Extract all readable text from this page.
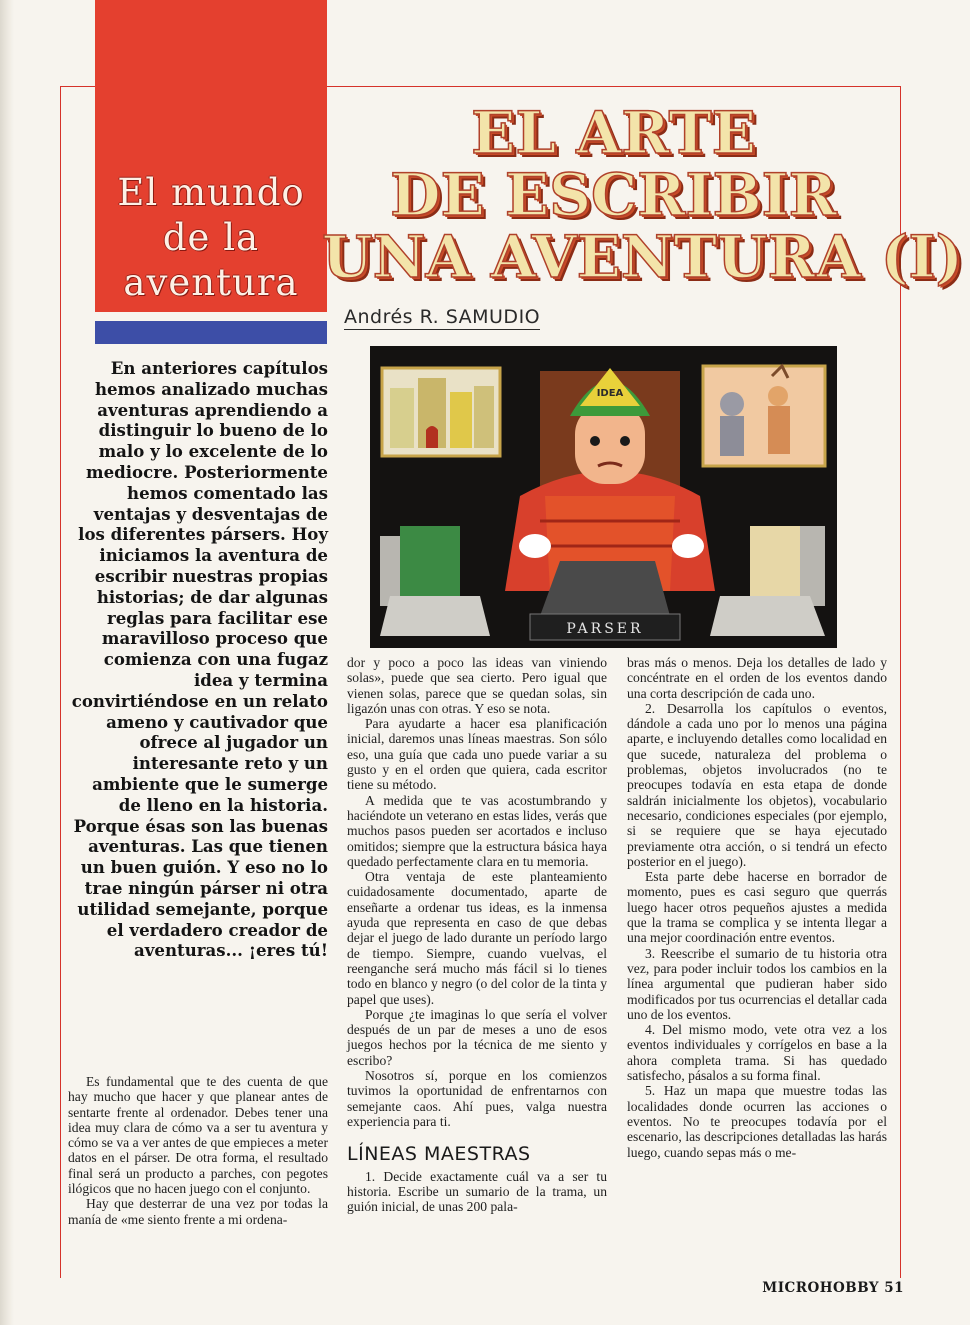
El mundo
de la
aventura
EL ARTE
DE ESCRIBIR
UNA AVENTURA (I)
Andrés R. SAMUDIO
IDEA
PARSER

En anteriores capítulos hemos analizado muchas aventuras aprendiendo a distinguir lo bueno de lo malo y lo excelente de lo mediocre. Posteriormente hemos comentado las ventajas y desventajas de los diferentes pársers. Hoy iniciamos la aventura de escribir nuestras propias historias; de dar algunas reglas para facilitar ese maravilloso proceso que comienza con una fugaz idea y termina convirtiéndose en un relato ameno y cautivador que ofrece al jugador un interesante reto y un ambiente que le sumerge de lleno en la historia. Porque ésas son las buenas aventuras. Las que tienen un buen guión. Y eso no lo trae ningún párser ni otra utilidad semejante, porque el verdadero creador de aventuras... ¡eres tú!

Es fundamental que te des cuenta de que hay mucho que hacer y que planear antes de sentarte frente al ordenador. Debes tener una idea muy clara de cómo va a ser tu aventura y cómo se va a ver antes de que empieces a meter datos en el párser. De otra forma, el resultado final será un producto a parches, con pegotes ilógicos que no hacen juego con el conjunto.

Hay que desterrar de una vez por todas la manía de «me siento frente a mi ordena-

dor y poco a poco las ideas van viniendo solas», puede que sea cierto. Pero igual que vienen solas, parece que se quedan solas, sin ligazón unas con otras. Y eso se nota.

Para ayudarte a hacer esa planificación inicial, daremos unas líneas maestras. Son sólo eso, una guía que cada uno puede variar a su gusto y en el orden que quiera, cada escritor tiene su método.

A medida que te vas acostumbrando y haciéndote un veterano en estas lides, verás que muchos pasos pueden ser acortados e incluso omitidos; siempre que la estructura básica haya quedado perfectamente clara en tu memoria.

Otra ventaja de este planteamiento cuidadosamente documentado, aparte de enseñarte a ordenar tus ideas, es la inmensa ayuda que representa en caso de que debas dejar el juego de lado durante un período largo de tiempo. Siempre, cuando vuelvas, el reenganche será mucho más fácil si lo tienes todo en blanco y negro (o del color de la tinta y papel que uses).

Porque ¿te imaginas lo que sería el volver después de un par de meses a uno de esos juegos hechos por la técnica de me siento y escribo?

Nosotros sí, porque en los comienzos tuvimos la oportunidad de enfrentarnos con semejante caos. Ahí pues, valga nuestra experiencia para ti.

LÍNEAS MAESTRAS

1. Decide exactamente cuál va a ser tu historia. Escribe un sumario de la trama, un guión inicial, de unas 200 pala-

bras más o menos. Deja los detalles de lado y concéntrate en el orden de los eventos dando una corta descripción de cada uno.

2. Desarrolla los capítulos o eventos, dándole a cada uno por lo menos una página aparte, e incluyendo detalles como localidad en que sucede, naturaleza del problema o problemas, objetos involucrados (no te preocupes todavía en esta etapa de donde saldrán inicialmente los objetos), vocabulario necesario, condiciones especiales (por ejemplo, si se requiere que se haya ejecutado previamente otra acción, o si tendrá un efecto posterior en el juego).

Esta parte debe hacerse en borrador de momento, pues es casi seguro que querrás luego hacer otros pequeños ajustes a medida que la trama se complica y se intenta llegar a una mejor coordinación entre eventos.

3. Reescribe el sumario de tu historia otra vez, para poder incluir todos los cambios en la línea argumental que pudieran haber sido modificados por tus ocurrencias el detallar cada uno de los eventos.

4. Del mismo modo, vete otra vez a los eventos individuales y corrígelos en base a la ahora completa trama. Si has quedado satisfecho, pásalos a su forma final.

5. Haz un mapa que muestre todas las localidades donde ocurren las acciones o eventos. No te preocupes todavía por el escenario, las descripciones detalladas las harás luego, cuando sepas más o me-

MICROHOBBY 51
